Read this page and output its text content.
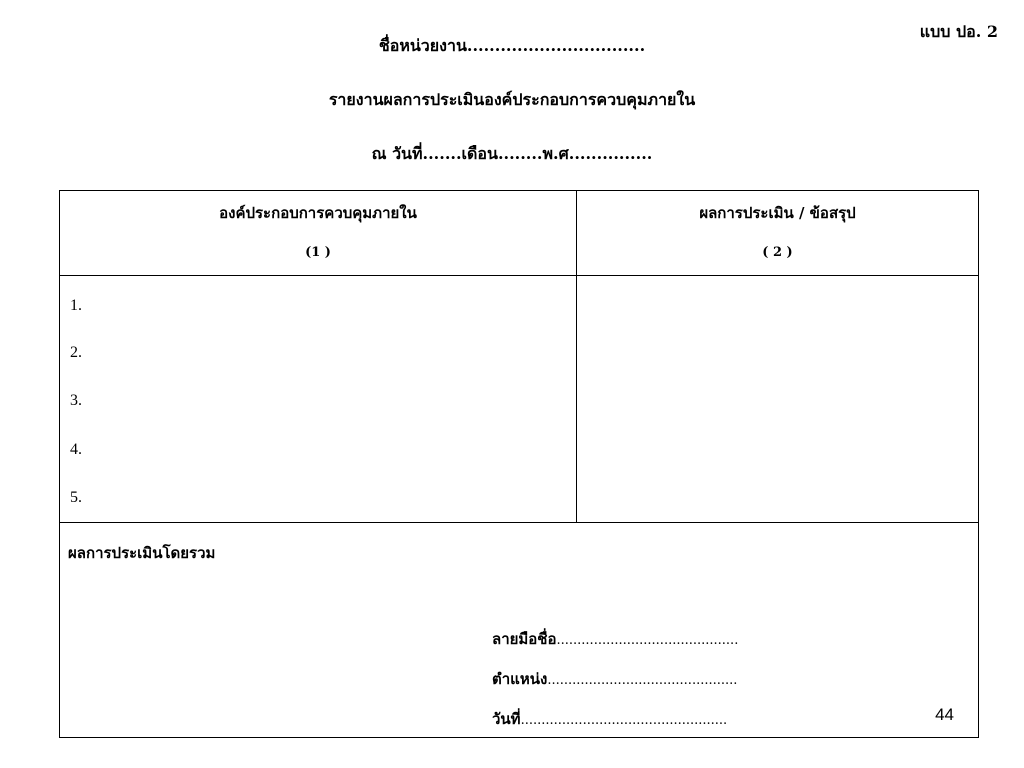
แบบ ปอ. 2
ชื่อหน่วยงาน................................
รายงานผลการประเมินองค์ประกอบการควบคุมภายใน
ณ วันที่.......เดือน........พ.ศ...............
องค์ประกอบการควบคุมภายใน
(1 )
ผลการประเมิน / ข้อสรุป
( 2 )
1.
2.
3.
4.
5.
ผลการประเมินโดยรวม
ลายมือชื่อ............................................
ตำแหน่ง..............................................
วันที่..................................................	44
